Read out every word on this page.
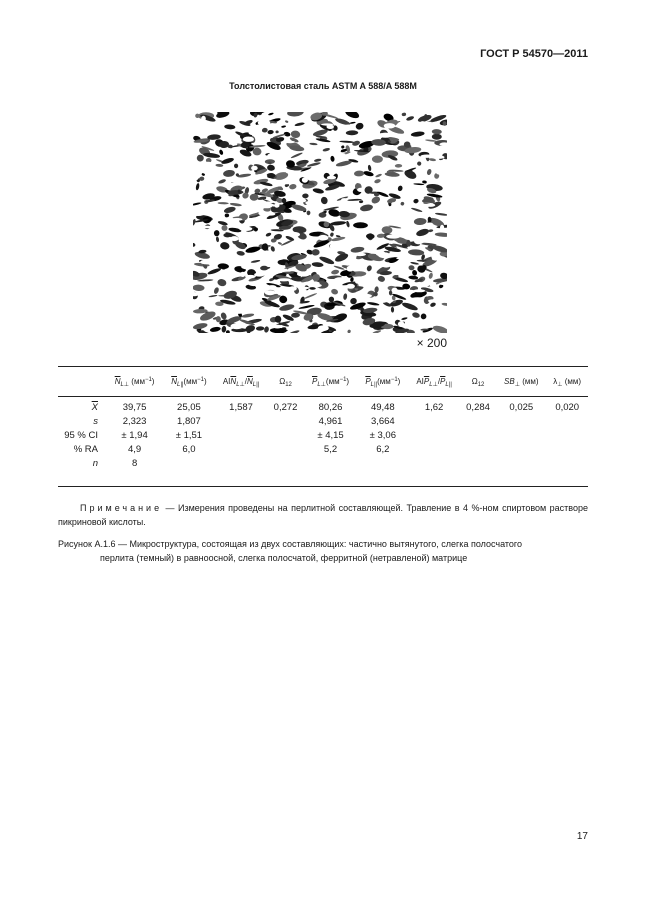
ГОСТ Р 54570—2011
Толстолистовая сталь ASTM A 588/A 588M
× 200
	$\overline{N}_{L\perp}$ $(мм^{-1})$	$\overline{N}_{L||}(мм^{-1})$	$AI\overline{N}_{L\perp}/\overline{N}_{L||}$	$\Omega_{12}$	$\overline{P}_{L\perp}(мм^{-1})$	$\overline{P}_{L||}(мм^{-1})$	$AI\overline{P}_{L\perp}/\overline{P}_{L||}$	$\Omega_{12}$	$SB_\perp$ (мм)	$\lambda_\perp$ (мм)

$\overline{X}$	39,75	25,05	1,587	0,272	80,26	49,48	1,62	0,284	0,025	0,020
s	2,323	1,807			4,961	3,664				
95 % CI	± 1,94	± 1,51			± 4,15	± 3,06				
% RA	4,9	6,0			5,2	6,2				
n	8									
Примечание — Измерения проведены на перлитной составляющей. Травление в 4 %-ном спиртовом растворе пикриновой кислоты.
Рисунок А.1.6 — Микроструктура, состоящая из двух составляющих: частично вытянутого, слегка полосчатого
перлита (темный) в равноосной, слегка полосчатой, ферритной (нетравленой) матрице
17
